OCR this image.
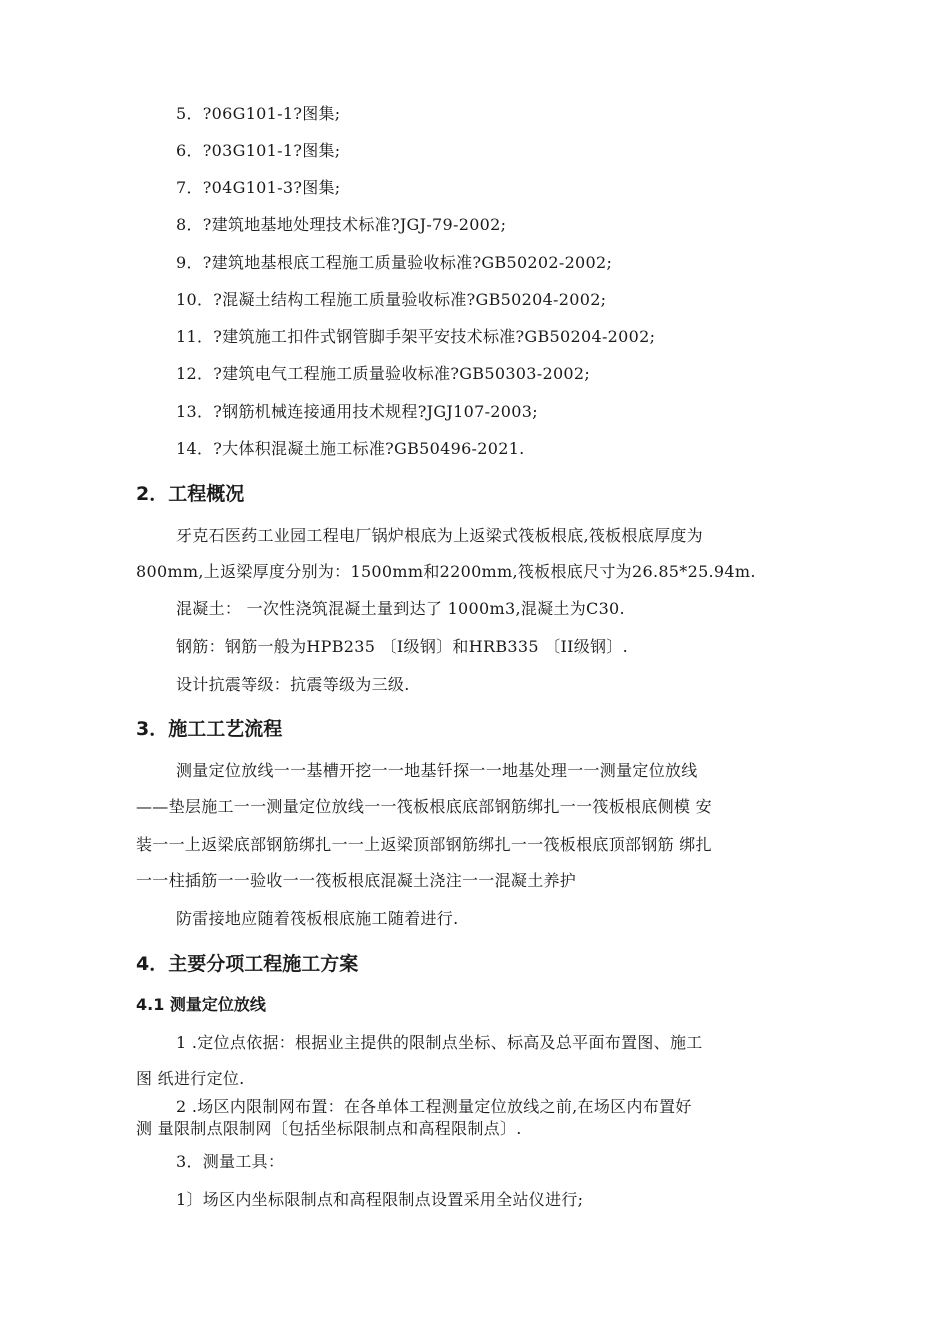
5．?06G101-1?图集;
6．?03G101-1?图集;
7．?04G101-3?图集;
8．?建筑地基地处理技术标准?JGJ-79-2002;
9．?建筑地基根底工程施工质量验收标准?GB50202-2002;
10．?混凝土结构工程施工质量验收标准?GB50204-2002;
11．?建筑施工扣件式钢管脚手架平安技术标准?GB50204-2002;
12．?建筑电气工程施工质量验收标准?GB50303-2002;
13．?钢筋机械连接通用技术规程?JGJ107-2003;
14．?大体积混凝土施工标准?GB50496-2021.
2．工程概况
牙克石医药工业园工程电厂锅炉根底为上返梁式筏板根底,筏板根底厚度为
800mm,上返梁厚度分别为：1500mm和2200mm,筏板根底尺寸为26.85*25.94m.
混凝土： 一次性浇筑混凝土量到达了 1000m3,混凝土为C30.
钢筋：钢筋一般为HPB235 〔I级钢〕和HRB335 〔II级钢〕.
设计抗震等级：抗震等级为三级.
3．施工工艺流程
测量定位放线一一基槽开挖一一地基钎探一一地基处理一一测量定位放线
——垫层施工一一测量定位放线一一筏板根底底部钢筋绑扎一一筏板根底侧模 安
装一一上返梁底部钢筋绑扎一一上返梁顶部钢筋绑扎一一筏板根底顶部钢筋 绑扎
一一柱插筋一一验收一一筏板根底混凝土浇注一一混凝土养护
防雷接地应随着筏板根底施工随着进行.
4．主要分项工程施工方案
4.1 测量定位放线
1 .定位点依据：根据业主提供的限制点坐标、标高及总平面布置图、施工
图 纸进行定位.
2 .场区内限制网布置：在各单体工程测量定位放线之前,在场区内布置好
测 量限制点限制网〔包括坐标限制点和高程限制点〕.
3．测量工具：
1〕场区内坐标限制点和高程限制点设置采用全站仪进行;
